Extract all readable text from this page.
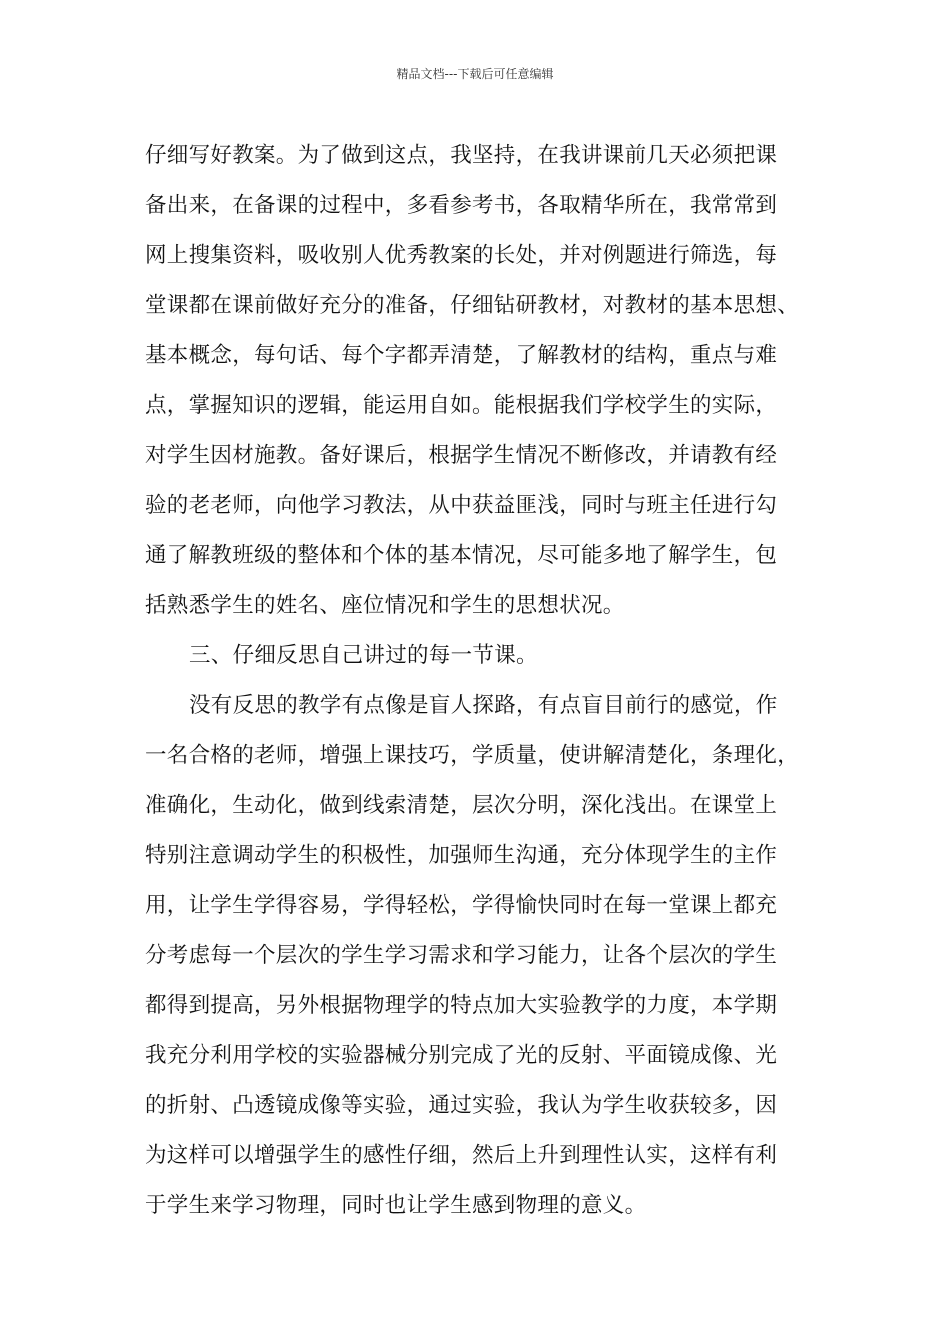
精品文档---下载后可任意编辑
仔细写好教案。为了做到这点，我坚持，在我讲课前几天必须把课
备出来，在备课的过程中，多看参考书，各取精华所在，我常常到
网上搜集资料，吸收别人优秀教案的长处，并对例题进行筛选，每
堂课都在课前做好充分的准备，仔细钻研教材，对教材的基本思想、
基本概念，每句话、每个字都弄清楚，了解教材的结构，重点与难
点，掌握知识的逻辑，能运用自如。能根据我们学校学生的实际，
对学生因材施教。备好课后，根据学生情况不断修改，并请教有经
验的老老师，向他学习教法，从中获益匪浅，同时与班主任进行勾
通了解教班级的整体和个体的基本情况，尽可能多地了解学生，包
括熟悉学生的姓名、座位情况和学生的思想状况。
三、仔细反思自己讲过的每一节课。
没有反思的教学有点像是盲人探路，有点盲目前行的感觉，作
一名合格的老师，增强上课技巧，学质量，使讲解清楚化，条理化，
准确化，生动化，做到线索清楚，层次分明，深化浅出。在课堂上
特别注意调动学生的积极性，加强师生沟通，充分体现学生的主作
用，让学生学得容易，学得轻松，学得愉快同时在每一堂课上都充
分考虑每一个层次的学生学习需求和学习能力，让各个层次的学生
都得到提高，另外根据物理学的特点加大实验教学的力度，本学期
我充分利用学校的实验器械分别完成了光的反射、平面镜成像、光
的折射、凸透镜成像等实验，通过实验，我认为学生收获较多，因
为这样可以增强学生的感性仔细，然后上升到理性认实，这样有利
于学生来学习物理，同时也让学生感到物理的意义。
